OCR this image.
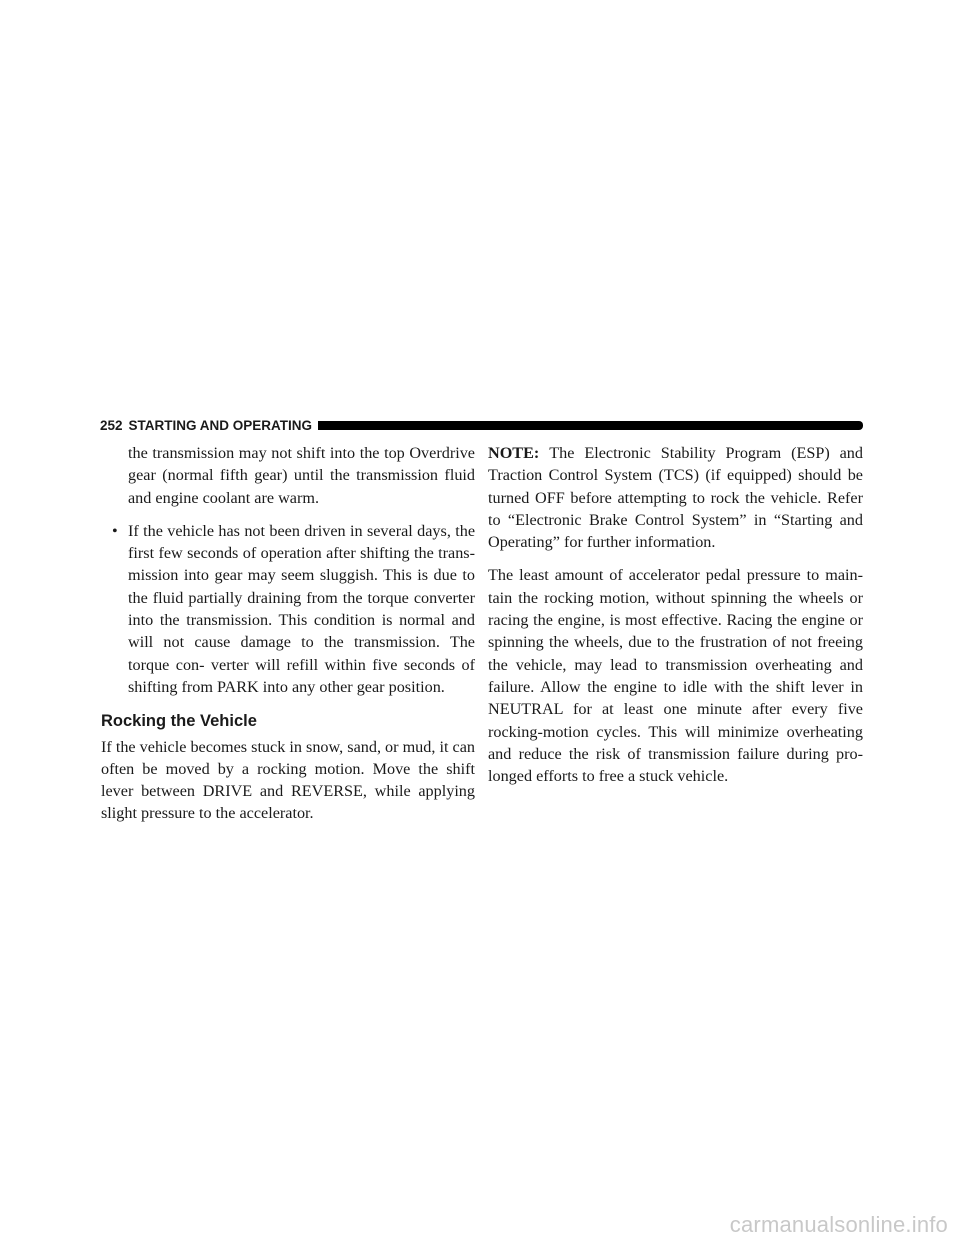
252 STARTING AND OPERATING

the transmission may not shift into the top Overdrive gear (normal fifth gear) until the transmission fluid and engine coolant are warm.

• If the vehicle has not been driven in several days, the first few seconds of operation after shifting the trans- mission into gear may seem sluggish. This is due to the fluid partially draining from the torque converter into the transmission. This condition is normal and will not cause damage to the transmission. The torque con- verter will refill within five seconds of shifting from PARK into any other gear position.

Rocking the Vehicle

If the vehicle becomes stuck in snow, sand, or mud, it can often be moved by a rocking motion. Move the shift lever between DRIVE and REVERSE, while applying slight pressure to the accelerator.

NOTE: The Electronic Stability Program (ESP) and Traction Control System (TCS) (if equipped) should be turned OFF before attempting to rock the vehicle. Refer to “Electronic Brake Control System” in “Starting and Operating” for further information.

The least amount of accelerator pedal pressure to main- tain the rocking motion, without spinning the wheels or racing the engine, is most effective. Racing the engine or spinning the wheels, due to the frustration of not freeing the vehicle, may lead to transmission overheating and failure. Allow the engine to idle with the shift lever in NEUTRAL for at least one minute after every five rocking-motion cycles. This will minimize overheating and reduce the risk of transmission failure during pro- longed efforts to free a stuck vehicle.

carmanualsonline.info
